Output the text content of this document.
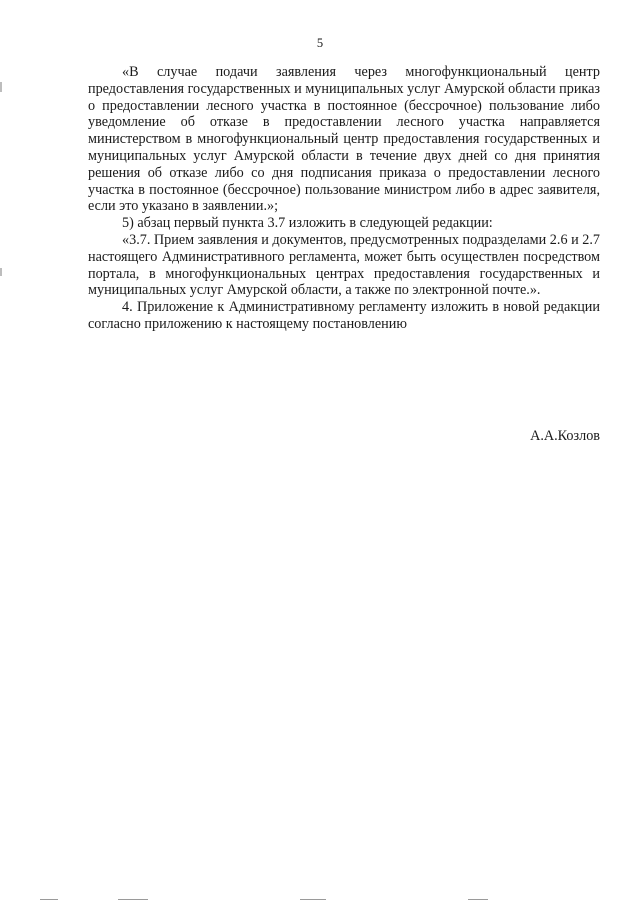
5

«В случае подачи заявления через многофункциональный центр предоставления государственных и муниципальных услуг Амурской области приказ о предоставлении лесного участка в постоянное (бессрочное) пользование либо уведомление об отказе в предоставлении лесного участка направляется министерством в многофункциональный центр предоставления государственных и муниципальных услуг Амурской области в течение двух дней со дня принятия решения об отказе либо со дня подписания приказа о предоставлении лесного участка в постоянное (бессрочное) пользование министром либо в адрес заявителя, если это указано в заявлении.»;

5) абзац первый пункта 3.7 изложить в следующей редакции:

«3.7. Прием заявления и документов, предусмотренных подразделами 2.6 и 2.7 настоящего Административного регламента, может быть осуществлен посредством портала, в многофункциональных центрах предоставления государственных и муниципальных услуг Амурской области, а также по электронной почте.».

4. Приложение к Административному регламенту изложить в новой редакции согласно приложению к настоящему постановлению

А.А.Козлов
